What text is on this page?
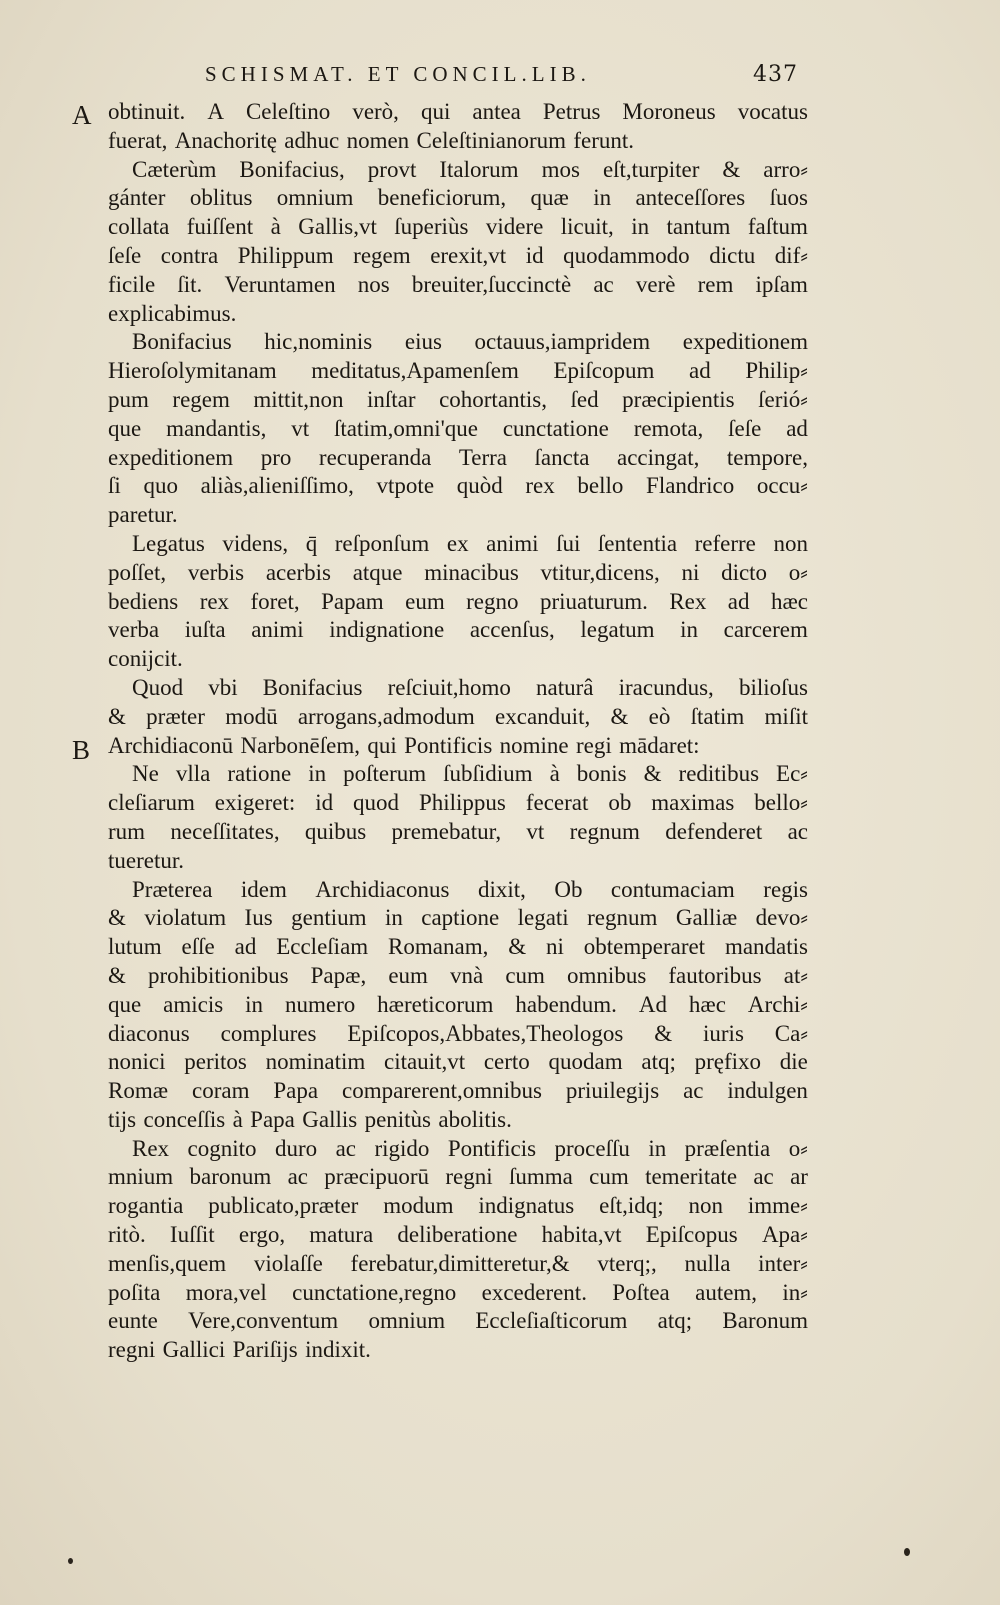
SCHISMAT. ET CONCIL.LIB.	437
A
B
obtinuit. A Celeſtino verò, qui antea Petrus Moroneus vocatus
fuerat, Anachoritę adhuc nomen Celeſtinianorum ferunt.
Cæterùm Bonifacius, provt Italorum mos eſt,turpiter & arro⸗
gánter oblitus omnium beneficiorum, quæ in anteceſſores ſuos
collata fuiſſent à Gallis,vt ſuperiùs videre licuit, in tantum faſtum
ſeſe contra Philippum regem erexit,vt id quodammodo dictu dif⸗
ficile ſit. Veruntamen nos breuiter,ſuccinctè ac verè rem ipſam
explicabimus.
Bonifacius hic,nominis eius octauus,iampridem expeditionem
Hieroſolymitanam meditatus,Apamenſem Epiſcopum ad Philip⸗
pum regem mittit,non inſtar cohortantis, ſed præcipientis ſerió⸗
que mandantis, vt ſtatim,omni'que cunctatione remota, ſeſe ad
expeditionem pro recuperanda Terra ſancta accingat, tempore,
ſi quo aliàs,alieniſſimo, vtpote quòd rex bello Flandrico occu⸗
paretur.
Legatus videns, q̄ reſponſum ex animi ſui ſententia referre non
poſſet, verbis acerbis atque minacibus vtitur,dicens, ni dicto o⸗
bediens rex foret, Papam eum regno priuaturum. Rex ad hæc
verba iuſta animi indignatione accenſus, legatum in carcerem
conijcit.
Quod vbi Bonifacius reſciuit,homo naturâ iracundus, bilioſus
& præter modū arrogans,admodum excanduit, & eò ſtatim miſit
Archidiaconū Narbonēſem, qui Pontificis nomine regi mādaret:
Ne vlla ratione in poſterum ſubſidium à bonis & reditibus Ec⸗
cleſiarum exigeret: id quod Philippus fecerat ob maximas bello⸗
rum neceſſitates, quibus premebatur, vt regnum defenderet ac
tueretur.
Præterea idem Archidiaconus dixit, Ob contumaciam regis
& violatum Ius gentium in captione legati regnum Galliæ devo⸗
lutum eſſe ad Eccleſiam Romanam, & ni obtemperaret mandatis
& prohibitionibus Papæ, eum vnà cum omnibus fautoribus at⸗
que amicis in numero hæreticorum habendum. Ad hæc Archi⸗
diaconus complures Epiſcopos,Abbates,Theologos & iuris Ca⸗
nonici peritos nominatim citauit,vt certo quodam atq; pręfixo die
Romæ coram Papa comparerent,omnibus priuilegijs ac indulgen
tijs conceſſis à Papa Gallis penitùs abolitis.
Rex cognito duro ac rigido Pontificis proceſſu in præſentia o⸗
mnium baronum ac præcipuorū regni ſumma cum temeritate ac ar
rogantia publicato,præter modum indignatus eſt,idq; non imme⸗
ritò. Iuſſit ergo, matura deliberatione habita,vt Epiſcopus Apa⸗
menſis,quem violaſſe ferebatur,dimitteretur,& vterq;, nulla inter⸗
poſita mora,vel cunctatione,regno excederent. Poſtea autem, in⸗
eunte Vere,conventum omnium Eccleſiaſticorum atq; Baronum
regni Gallici Pariſijs indixit.
